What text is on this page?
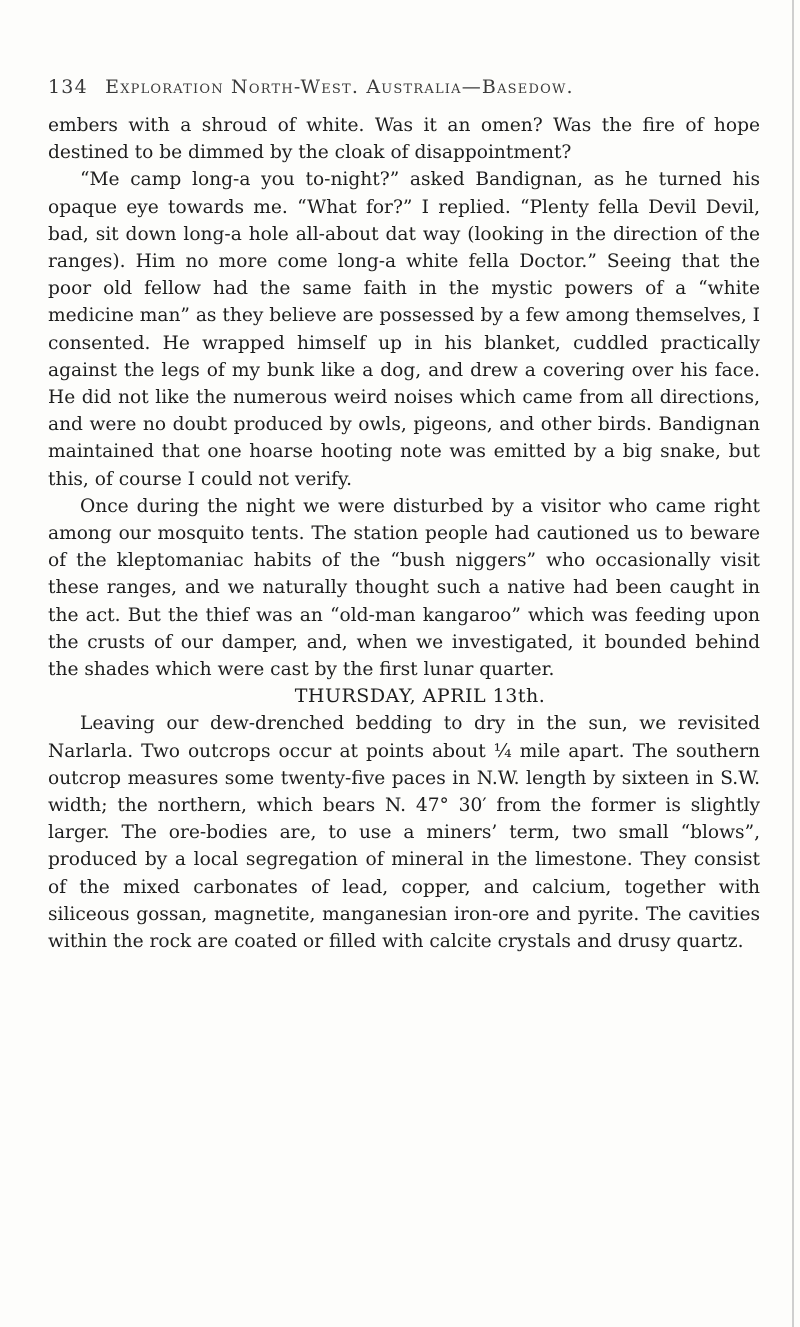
134 Exploration North-West. Australia—Basedow.

embers with a shroud of white. Was it an omen? Was the fire of hope destined to be dimmed by the cloak of disappointment?

“Me camp long-a you to-night?” asked Bandignan, as he turned his opaque eye towards me. “What for?” I replied. “Plenty fella Devil Devil, bad, sit down long-a hole all-about dat way (looking in the direction of the ranges). Him no more come long-a white fella Doctor.” Seeing that the poor old fellow had the same faith in the mystic powers of a “white medicine man” as they believe are possessed by a few among themselves, I consented. He wrapped himself up in his blanket, cuddled practically against the legs of my bunk like a dog, and drew a covering over his face. He did not like the numerous weird noises which came from all directions, and were no doubt produced by owls, pigeons, and other birds. Bandignan maintained that one hoarse hooting note was emitted by a big snake, but this, of course I could not verify.

Once during the night we were disturbed by a visitor who came right among our mosquito tents. The station people had cautioned us to beware of the kleptomaniac habits of the “bush niggers” who occasionally visit these ranges, and we naturally thought such a native had been caught in the act. But the thief was an “old-man kangaroo” which was feeding upon the crusts of our damper, and, when we investigated, it bounded behind the shades which were cast by the first lunar quarter.

THURSDAY, APRIL 13th.

Leaving our dew-drenched bedding to dry in the sun, we revisited Narlarla. Two outcrops occur at points about ¼ mile apart. The southern outcrop measures some twenty-five paces in N.W. length by sixteen in S.W. width; the northern, which bears N. 47° 30′ from the former is slightly larger. The ore-bodies are, to use a miners’ term, two small “blows”, produced by a local segregation of mineral in the limestone. They consist of the mixed carbonates of lead, copper, and calcium, together with siliceous gossan, magnetite, manganesian iron-ore and pyrite. The cavities within the rock are coated or filled with calcite crystals and drusy quartz.
